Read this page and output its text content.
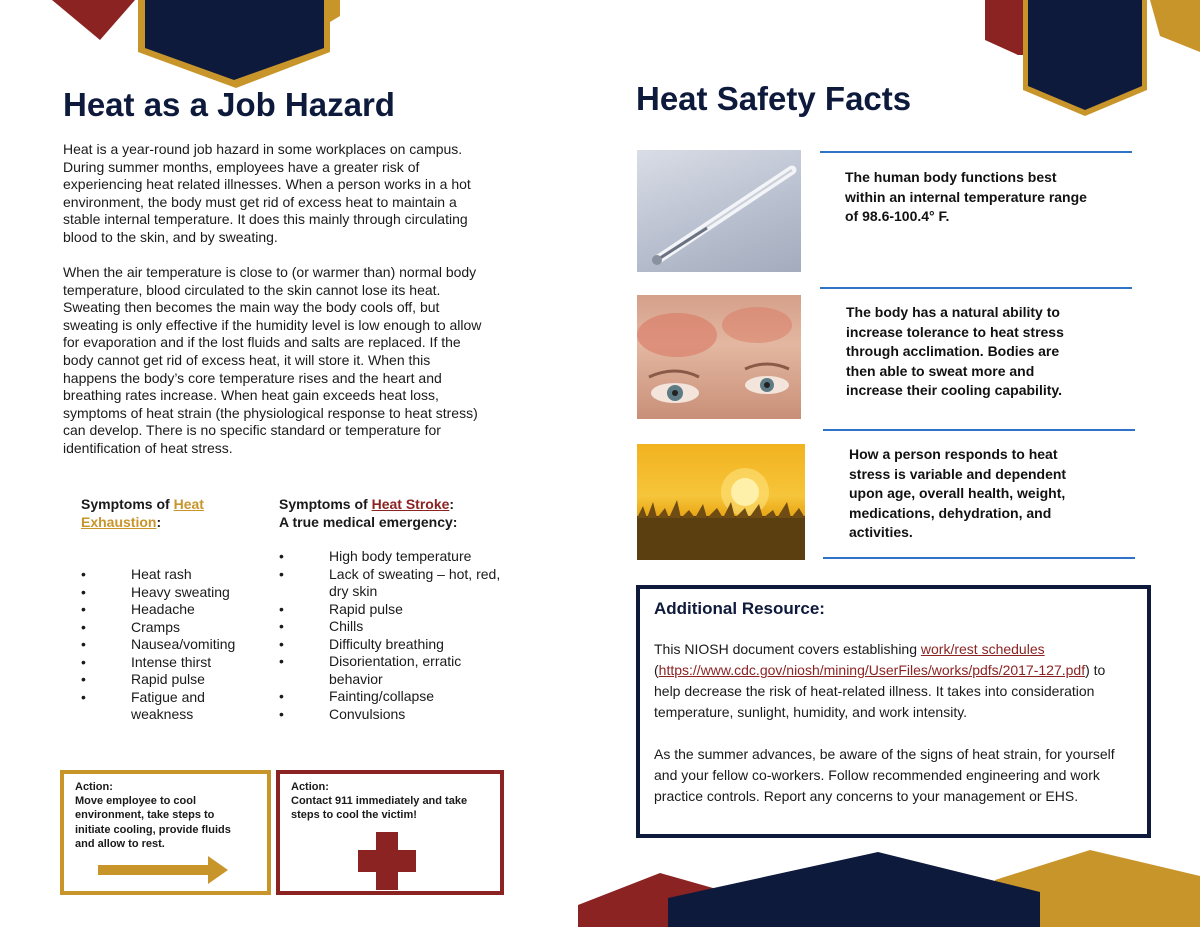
Heat as a Job Hazard
Heat is a year-round job hazard in some workplaces on campus.
During summer months, employees have a greater risk of
experiencing heat related illnesses. When a person works in a hot
environment, the body must get rid of excess heat to maintain a
stable internal temperature. It does this mainly through circulating
blood to the skin, and by sweating.
When the air temperature is close to (or warmer than) normal body
temperature, blood circulated to the skin cannot lose its heat.
Sweating then becomes the main way the body cools off, but
sweating is only effective if the humidity level is low enough to allow
for evaporation and if the lost fluids and salts are replaced. If the
body cannot get rid of excess heat, it will store it. When this
happens the body’s core temperature rises and the heart and
breathing rates increase. When heat gain exceeds heat loss,
symptoms of heat strain (the physiological response to heat stress)
can develop. There is no specific standard or temperature for
identification of heat stress.
Symptoms of Heat
Exhaustion:
• Heat rash
• Heavy sweating
• Headache
• Cramps
• Nausea/vomiting
• Intense thirst
• Rapid pulse
• Fatigue and weakness
Symptoms of Heat Stroke:
A true medical emergency:
• High body temperature
• Lack of sweating – hot, red, dry skin
• Rapid pulse
• Chills
• Difficulty breathing
• Disorientation, erratic behavior
• Fainting/collapse
• Convulsions
Action:
Move employee to cool
environment, take steps to
initiate cooling, provide fluids
and allow to rest.
Action:
Contact 911 immediately and take
steps to cool the victim!
Heat Safety Facts
The human body functions best
within an internal temperature range
of 98.6-100.4° F.
The body has a natural ability to
increase tolerance to heat stress
through acclimation. Bodies are
then able to sweat more and
increase their cooling capability.
How a person responds to heat
stress is variable and dependent
upon age, overall health, weight,
medications, dehydration, and
activities.
Additional Resource:
This NIOSH document covers establishing work/rest schedules
(https://www.cdc.gov/niosh/mining/UserFiles/works/pdfs/2017-127.pdf) to help decrease the risk of heat-related illness. It takes into consideration temperature, sunlight, humidity, and work intensity.
As the summer advances, be aware of the signs of heat strain, for yourself and your fellow co-workers. Follow recommended engineering and work practice controls. Report any concerns to your management or EHS.
